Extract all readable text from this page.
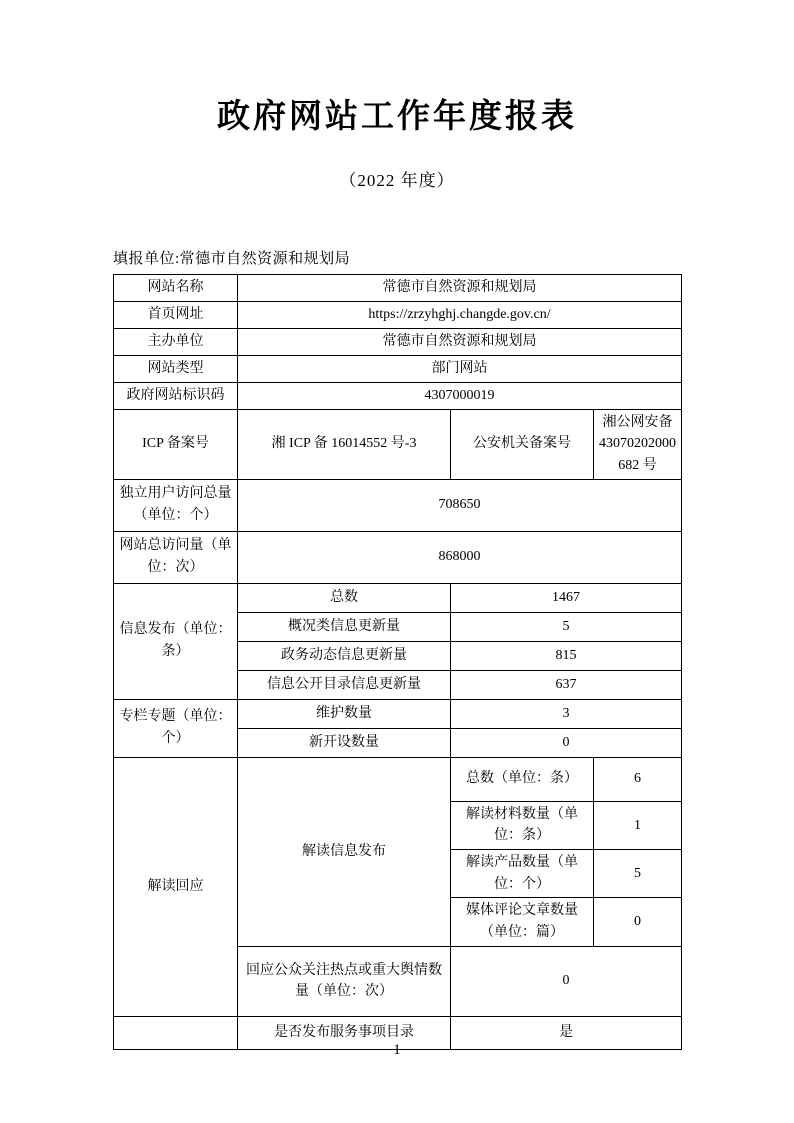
政府网站工作年度报表

（2022 年度）

填报单位:常德市自然资源和规划局

网站名称	常德市自然资源和规划局		
首页网址	https://zrzyhghj.changde.gov.cn/		
主办单位	常德市自然资源和规划局		
网站类型	部门网站		
政府网站标识码	4307000019		
ICP 备案号	湘 ICP 备 16014552 号-3	公安机关备案号	湘公网安备 43070202000682 号
独立用户访问总量（单位：个）	708650		
网站总访问量（单位：次）	868000		
信息发布（单位：条）	总数	1467	
	概况类信息更新量	5	
	政务动态信息更新量	815	
	信息公开目录信息更新量	637	
专栏专题（单位：个）	维护数量	3	
	新开设数量	0	
解读回应	解读信息发布	总数（单位：条）	6
		解读材料数量（单位：条）	1
		解读产品数量（单位：个）	5
		媒体评论文章数量（单位：篇）	0
	回应公众关注热点或重大舆情数量（单位：次）	0	
	是否发布服务事项目录	是	
1
